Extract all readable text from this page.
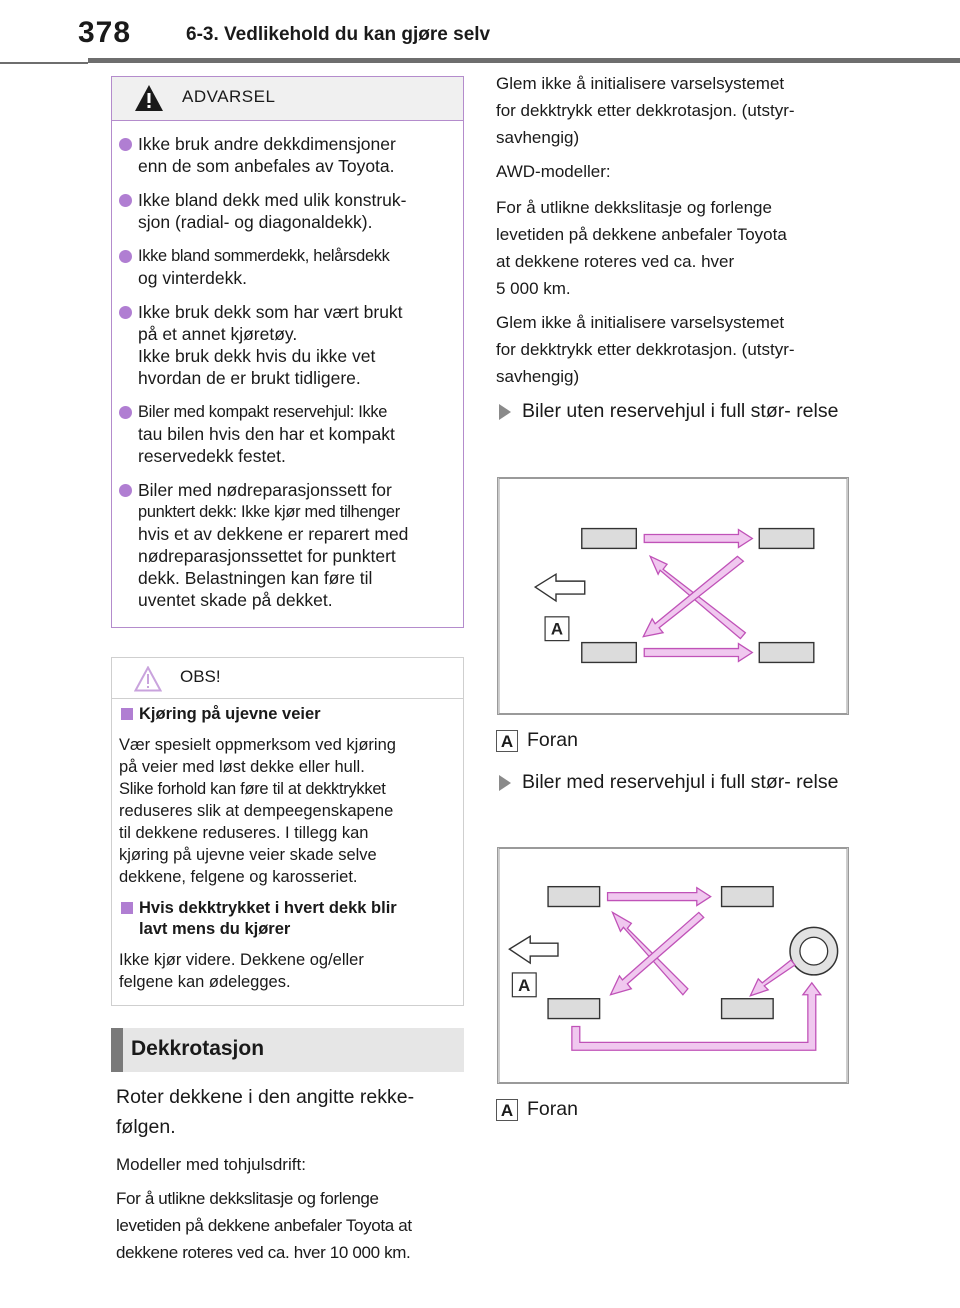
378	6-3. Vedlikehold du kan gjøre selv
ADVARSEL
Ikke bruk andre dekkdimensjoner
enn de som anbefales av Toyota.
Ikke bland dekk med ulik konstruk-
sjon (radial- og diagonaldekk).
Ikke bland sommerdekk, helårsdekk
og vinterdekk.
Ikke bruk dekk som har vært brukt
på et annet kjøretøy.
Ikke bruk dekk hvis du ikke vet
hvordan de er brukt tidligere.
Biler med kompakt reservehjul: Ikke
tau bilen hvis den har et kompakt
reservedekk festet.
Biler med nødreparasjonssett for
punktert dekk: Ikke kjør med tilhenger
hvis et av dekkene er reparert med
nødreparasjonssettet for punktert
dekk. Belastningen kan føre til
uventet skade på dekket.
OBS!
Kjøring på ujevne veier
Vær spesielt oppmerksom ved kjøring
på veier med løst dekke eller hull.
Slike forhold kan føre til at dekktrykket
reduseres slik at dempeegenskapene
til dekkene reduseres. I tillegg kan
kjøring på ujevne veier skade selve
dekkene, felgene og karosseriet.
Hvis dekktrykket i hvert dekk blir
lavt mens du kjører
Ikke kjør videre. Dekkene og/eller
felgene kan ødelegges.
Dekkrotasjon
Roter dekkene i den angitte rekke-
følgen.
Modeller med tohjulsdrift:
For å utlikne dekkslitasje og forlenge
levetiden på dekkene anbefaler Toyota at
dekkene roteres ved ca. hver 10 000 km.
Glem ikke å initialisere varselsystemet
for dekktrykk etter dekkrotasjon. (utstyr-
savhengig)
AWD-modeller:
For å utlikne dekkslitasje og forlenge
levetiden på dekkene anbefaler Toyota
at dekkene roteres ved ca. hver
5 000 km.
Glem ikke å initialisere varselsystemet
for dekktrykk etter dekkrotasjon. (utstyr-
savhengig)
Biler uten reservehjul i full stør- relse
A
A Foran
Biler med reservehjul i full stør- relse
A
A Foran
